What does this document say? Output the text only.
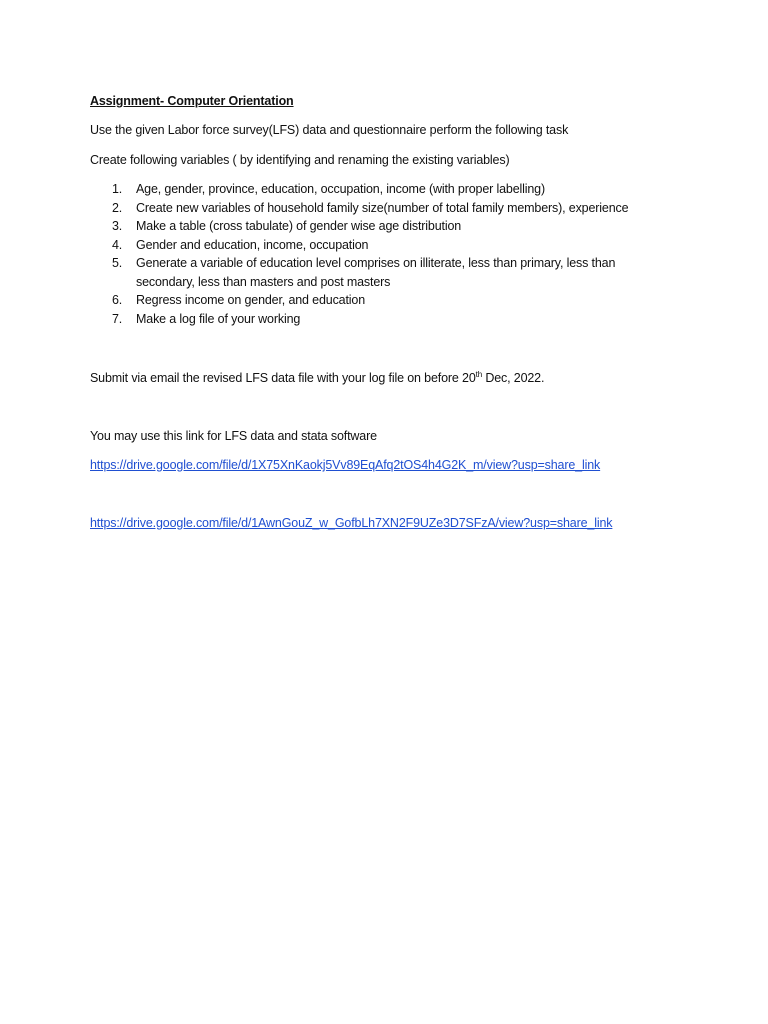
Assignment- Computer Orientation
Use the given Labor force survey(LFS) data and questionnaire perform the following task
Create following variables ( by identifying and renaming the existing variables)
1. Age, gender, province, education, occupation, income (with proper labelling)
2. Create new variables of household family size(number of total family members), experience
3. Make a table (cross tabulate) of gender wise age distribution
4. Gender and education, income, occupation
5. Generate a variable of education level comprises on illiterate, less than primary, less than secondary, less than masters and post masters
6. Regress income on gender, and education
7. Make a log file of your working
Submit via email the revised LFS data file with your log file on before 20th Dec, 2022.
You may use this link for LFS data and stata software
https://drive.google.com/file/d/1X75XnKaokj5Vv89EqAfq2tOS4h4G2K_m/view?usp=share_link
https://drive.google.com/file/d/1AwnGouZ_w_GofbLh7XN2F9UZe3D7SFzA/view?usp=share_link
